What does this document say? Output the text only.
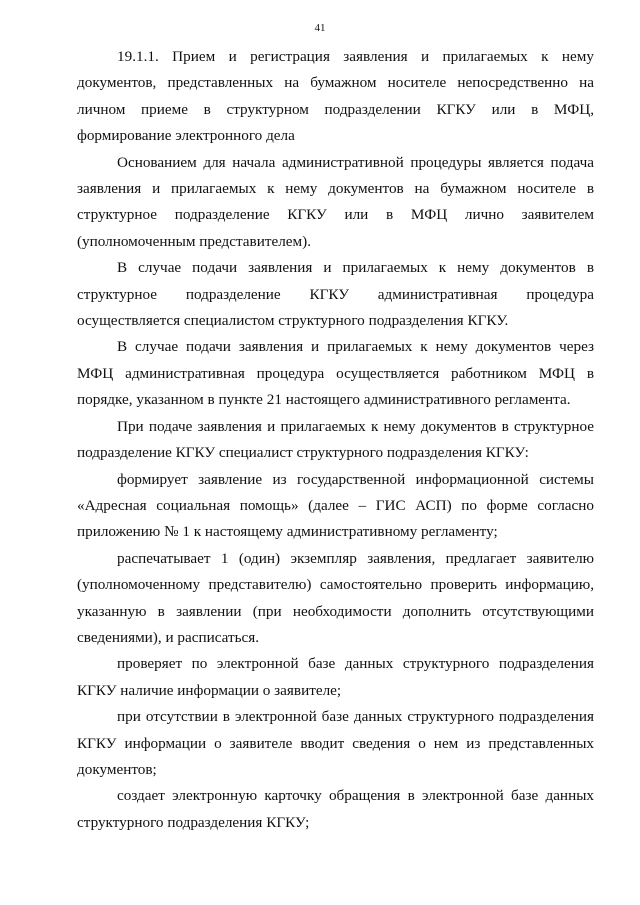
41

19.1.1. Прием и регистрация заявления и прилагаемых к нему документов, представленных на бумажном носителе непосредственно на личном приеме в структурном подразделении КГКУ или в МФЦ, формирование электронного дела

Основанием для начала административной процедуры является подача заявления и прилагаемых к нему документов на бумажном носителе в структурное подразделение КГКУ или в МФЦ лично заявителем (уполномоченным представителем).

В случае подачи заявления и прилагаемых к нему документов в структурное подразделение КГКУ административная процедура осуществляется специалистом структурного подразделения КГКУ.

В случае подачи заявления и прилагаемых к нему документов через МФЦ административная процедура осуществляется работником МФЦ в порядке, указанном в пункте 21 настоящего административного регламента.

При подаче заявления и прилагаемых к нему документов в структурное подразделение КГКУ специалист структурного подразделения КГКУ:

формирует заявление из государственной информационной системы «Адресная социальная помощь» (далее – ГИС АСП) по форме согласно приложению № 1 к настоящему административному регламенту;

распечатывает 1 (один) экземпляр заявления, предлагает заявителю (уполномоченному представителю) самостоятельно проверить информацию, указанную в заявлении (при необходимости дополнить отсутствующими сведениями), и расписаться.

проверяет по электронной базе данных структурного подразделения КГКУ наличие информации о заявителе;

при отсутствии в электронной базе данных структурного подразделения КГКУ информации о заявителе вводит сведения о нем из представленных документов;

создает электронную карточку обращения в электронной базе данных структурного подразделения КГКУ;
